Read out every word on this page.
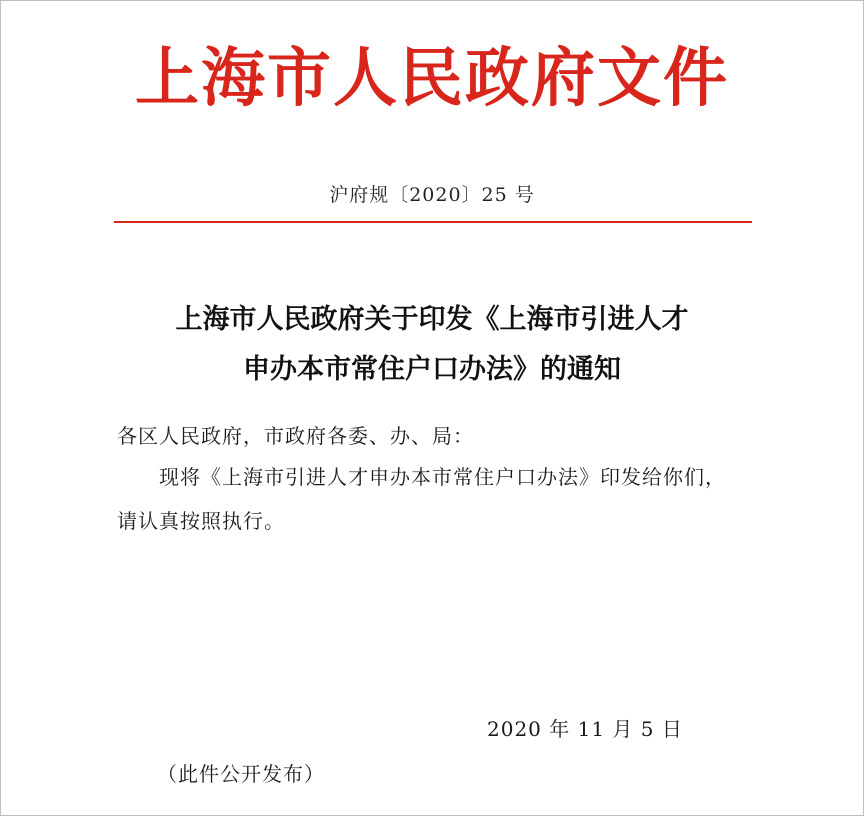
上海市人民政府文件
沪府规〔2020〕25 号
上海市人民政府关于印发《上海市引进人才
申办本市常住户口办法》的通知
各区人民政府，市政府各委、办、局：
现将《上海市引进人才申办本市常住户口办法》印发给你们，
请认真按照执行。
2020 年 11 月 5 日
（此件公开发布）
